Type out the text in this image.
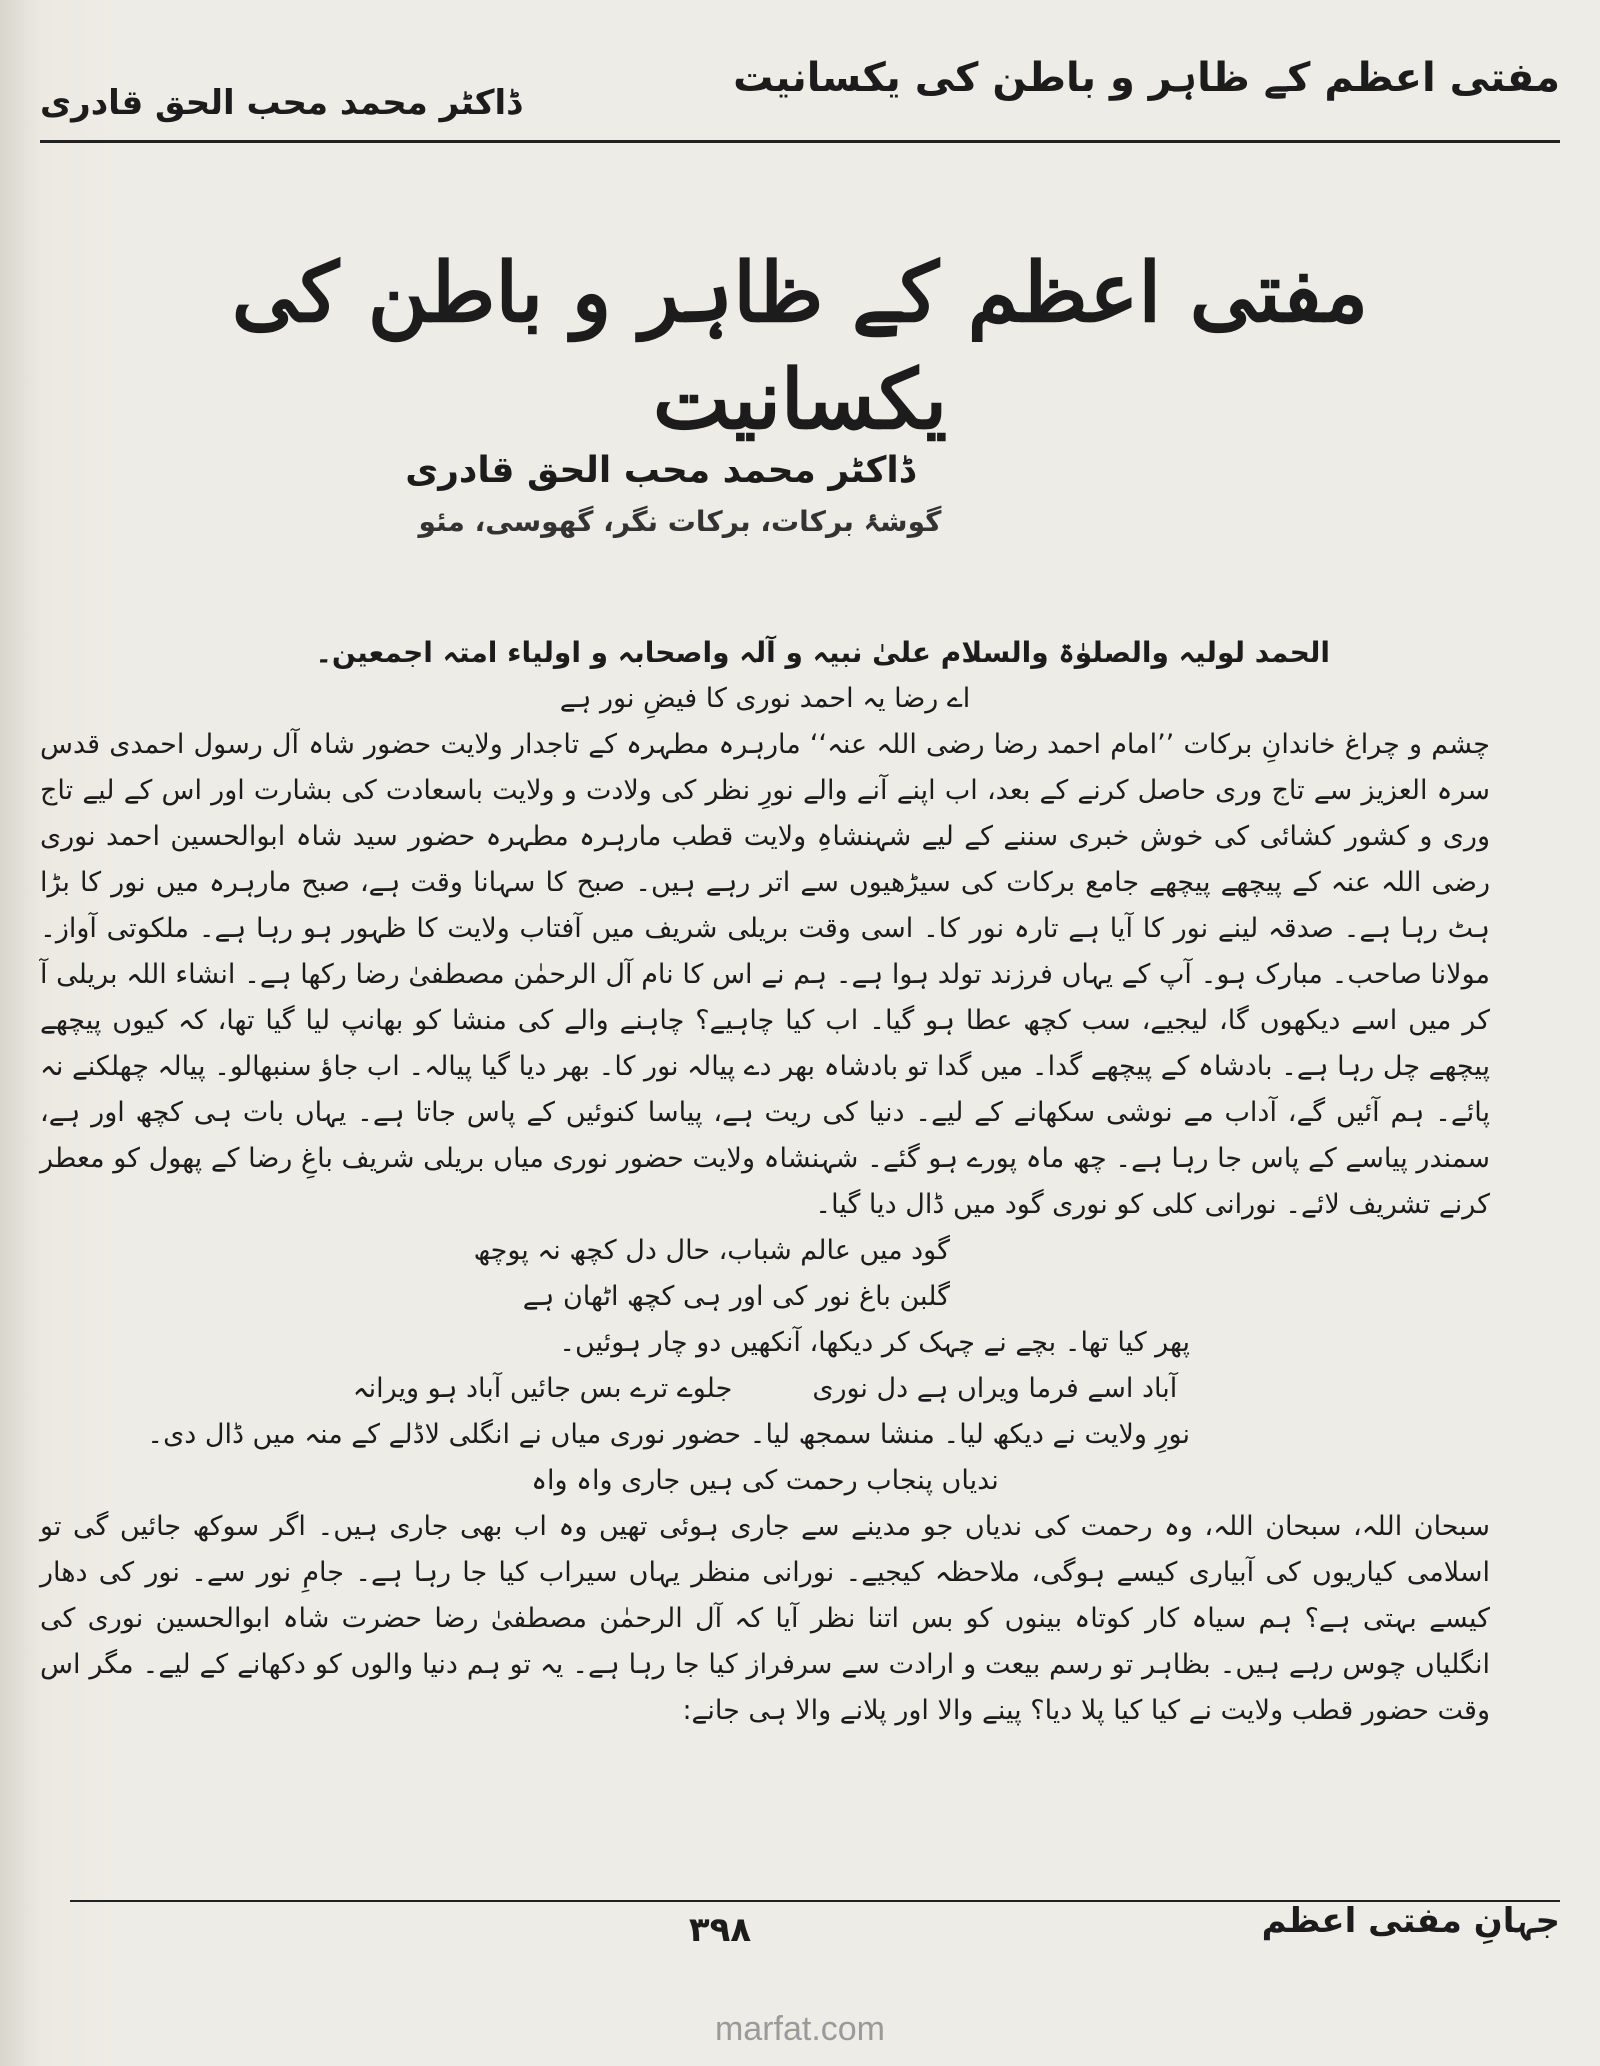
مفتی اعظم کے ظاہر و باطن کی یکسانیت
ڈاکٹر محمد محب الحق قادری
مفتی اعظم کے ظاہر و باطن کی یکسانیت
ڈاکٹر محمد محب الحق قادری
گوشۂ برکات، برکات نگر، گھوسی، مئو

الحمد لولیہ والصلوٰۃ والسلام علیٰ نبیہ و آلہ واصحابہ و اولیاء امتہ اجمعین۔

اے رضا یہ احمد نوری کا فیضِ نور ہے

چشم و چراغ خاندانِ برکات ’’امام احمد رضا رضی اللہ عنہ‘‘ مارہرہ مطہرہ کے تاجدار ولایت حضور شاہ آل رسول احمدی قدس سرہ العزیز سے تاج وری حاصل کرنے کے بعد، اب اپنے آنے والے نورِ نظر کی ولادت و ولایت باسعادت کی بشارت اور اس کے لیے تاج وری و کشور کشائی کی خوش خبری سننے کے لیے شہنشاہِ ولایت قطب مارہرہ مطہرہ حضور سید شاہ ابوالحسین احمد نوری رضی اللہ عنہ کے پیچھے پیچھے جامع برکات کی سیڑھیوں سے اتر رہے ہیں۔ صبح کا سہانا وقت ہے، صبح مارہرہ میں نور کا بڑا ہٹ رہا ہے۔ صدقہ لینے نور کا آیا ہے تارہ نور کا۔ اسی وقت بریلی شریف میں آفتاب ولایت کا ظہور ہو رہا ہے۔ ملکوتی آواز۔ مولانا صاحب۔ مبارک ہو۔ آپ کے یہاں فرزند تولد ہوا ہے۔ ہم نے اس کا نام آل الرحمٰن مصطفیٰ رضا رکھا ہے۔ انشاء اللہ بریلی آ کر میں اسے دیکھوں گا، لیجیے، سب کچھ عطا ہو گیا۔ اب کیا چاہیے؟ چاہنے والے کی منشا کو بھانپ لیا گیا تھا، کہ کیوں پیچھے پیچھے چل رہا ہے۔ بادشاہ کے پیچھے گدا۔ میں گدا تو بادشاہ بھر دے پیالہ نور کا۔ بھر دیا گیا پیالہ۔ اب جاؤ سنبھالو۔ پیالہ چھلکنے نہ پائے۔ ہم آئیں گے، آداب مے نوشی سکھانے کے لیے۔ دنیا کی ریت ہے، پیاسا کنوئیں کے پاس جاتا ہے۔ یہاں بات ہی کچھ اور ہے، سمندر پیاسے کے پاس جا رہا ہے۔ چھ ماہ پورے ہو گئے۔ شہنشاہ ولایت حضور نوری میاں بریلی شریف باغِ رضا کے پھول کو معطر کرنے تشریف لائے۔ نورانی کلی کو نوری گود میں ڈال دیا گیا۔

گود میں عالم شباب، حال دل کچھ نہ پوچھ

گلبن باغ نور کی اور ہی کچھ اٹھان ہے

پھر کیا تھا۔ بچے نے چہک کر دیکھا، آنکھیں دو چار ہوئیں۔

آباد اسے فرما ویراں ہے دل نوری
جلوے ترے بس جائیں آباد ہو ویرانہ

نورِ ولایت نے دیکھ لیا۔ منشا سمجھ لیا۔ حضور نوری میاں نے انگلی لاڈلے کے منہ میں ڈال دی۔

ندیاں پنجاب رحمت کی ہیں جاری واہ واہ

سبحان اللہ، سبحان اللہ، وہ رحمت کی ندیاں جو مدینے سے جاری ہوئی تھیں وہ اب بھی جاری ہیں۔ اگر سوکھ جائیں گی تو اسلامی کیاریوں کی آبیاری کیسے ہوگی، ملاحظہ کیجیے۔ نورانی منظر یہاں سیراب کیا جا رہا ہے۔ جامِ نور سے۔ نور کی دھار کیسے بہتی ہے؟ ہم سیاہ کار کوتاہ بینوں کو بس اتنا نظر آیا کہ آل الرحمٰن مصطفیٰ رضا حضرت شاہ ابوالحسین نوری کی انگلیاں چوس رہے ہیں۔ بظاہر تو رسم بیعت و ارادت سے سرفراز کیا جا رہا ہے۔ یہ تو ہم دنیا والوں کو دکھانے کے لیے۔ مگر اس وقت حضور قطب ولایت نے کیا کیا پلا دیا؟ پینے والا اور پلانے والا ہی جانے:

۳۹۸	جہانِ مفتی اعظم
marfat.com
